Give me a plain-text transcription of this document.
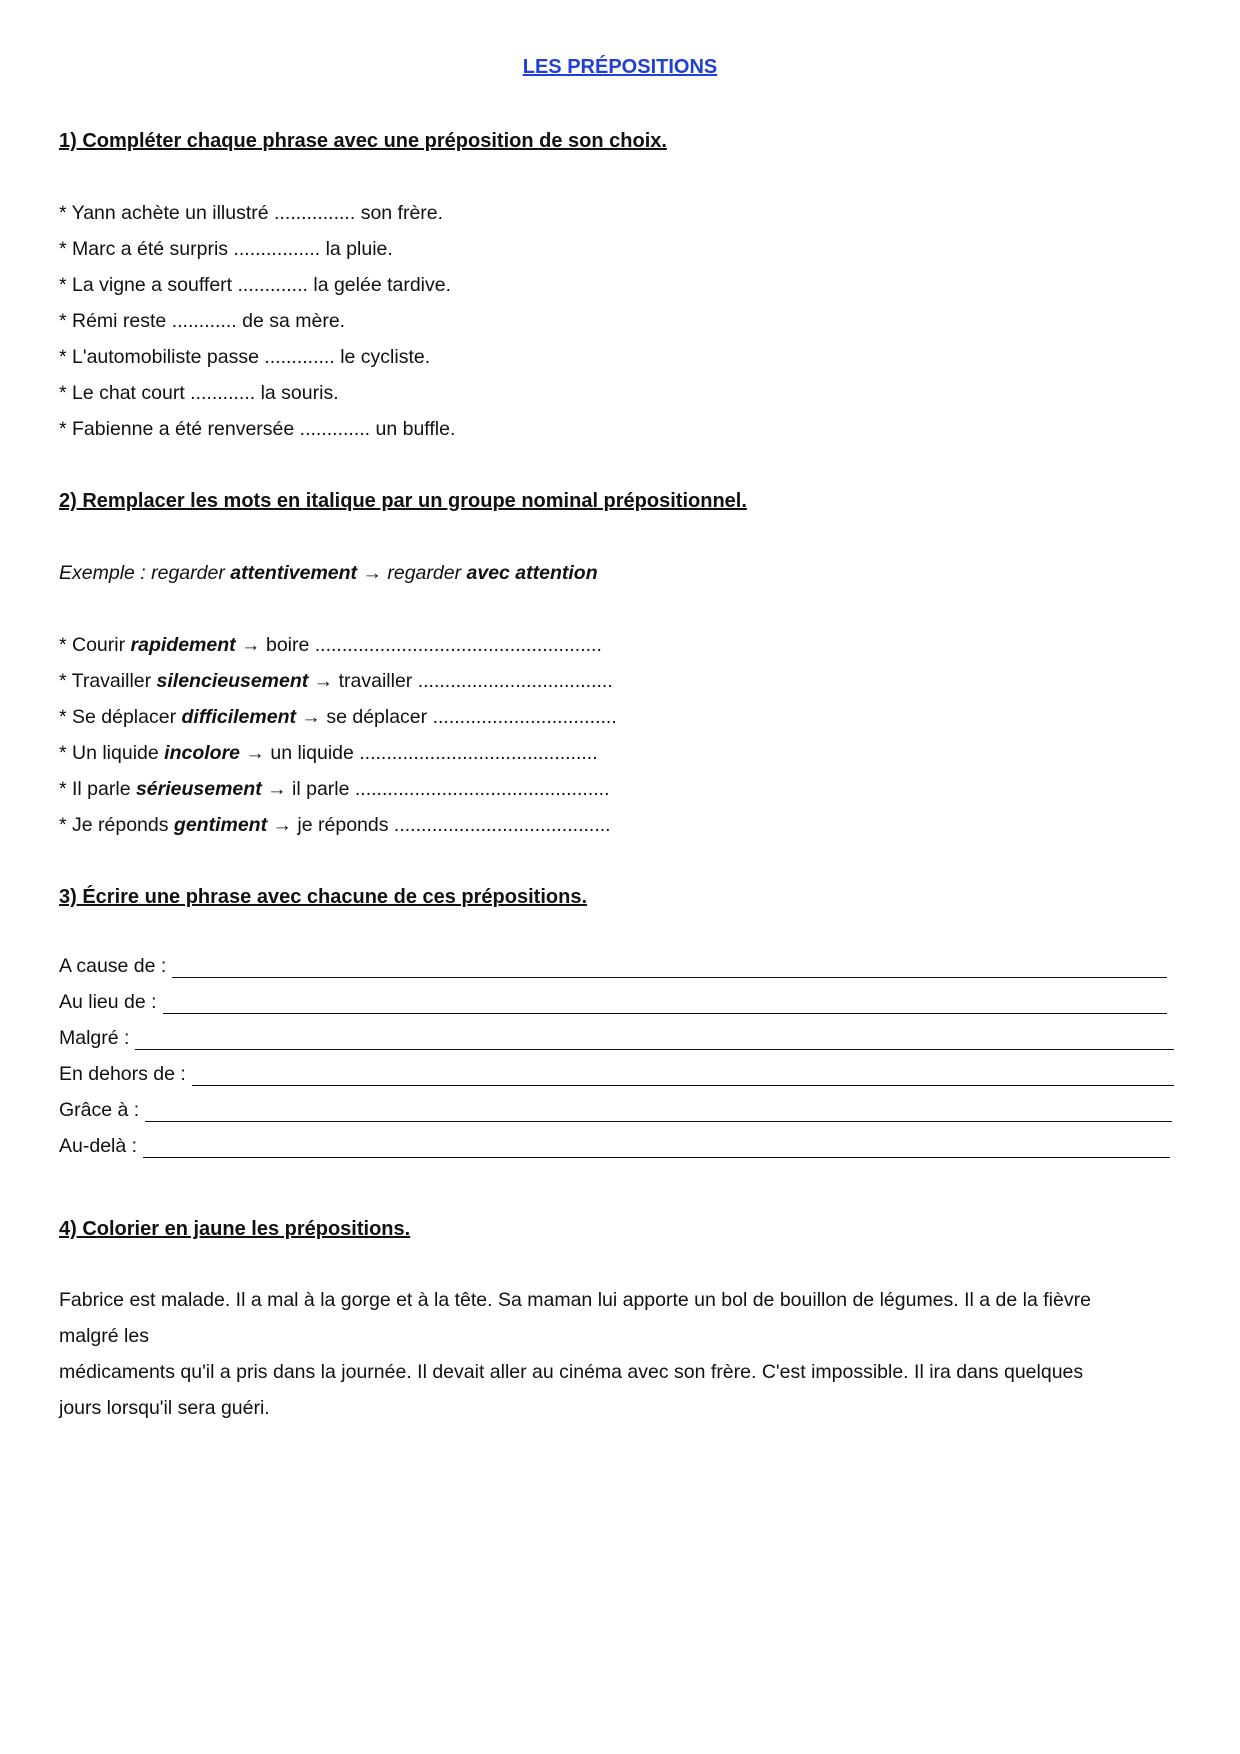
LES PRÉPOSITIONS
1) Compléter chaque phrase avec une préposition de son choix.
* Yann achète un illustré ............... son frère.
* Marc a été surpris ................ la pluie.
* La vigne a souffert ............. la gelée tardive.
* Rémi reste ............ de sa mère.
* L'automobiliste passe ............. le cycliste.
* Le chat court ............ la souris.
* Fabienne a été renversée ............. un buffle.
2) Remplacer les mots en italique par un groupe nominal prépositionnel.
Exemple : regarder attentivement → regarder avec attention
* Courir rapidement → boire .....................................................
* Travailler silencieusement → travailler ....................................
* Se déplacer difficilement → se déplacer ..................................
* Un liquide incolore → un liquide ............................................
* Il parle sérieusement → il parle ...............................................
* Je réponds gentiment → je réponds ........................................
3) Écrire une phrase avec chacune de ces prépositions.
A cause de :
Au lieu de :
Malgré :
En dehors de :
Grâce à :
Au-delà :
4) Colorier en jaune les prépositions.

Fabrice est malade. Il a mal à la gorge et à la tête. Sa maman lui apporte un bol de bouillon de légumes. Il a de la fièvre

malgré les

médicaments qu'il a pris dans la journée. Il devait aller au cinéma avec son frère. C'est impossible. Il ira dans quelques

jours lorsqu'il sera guéri.
